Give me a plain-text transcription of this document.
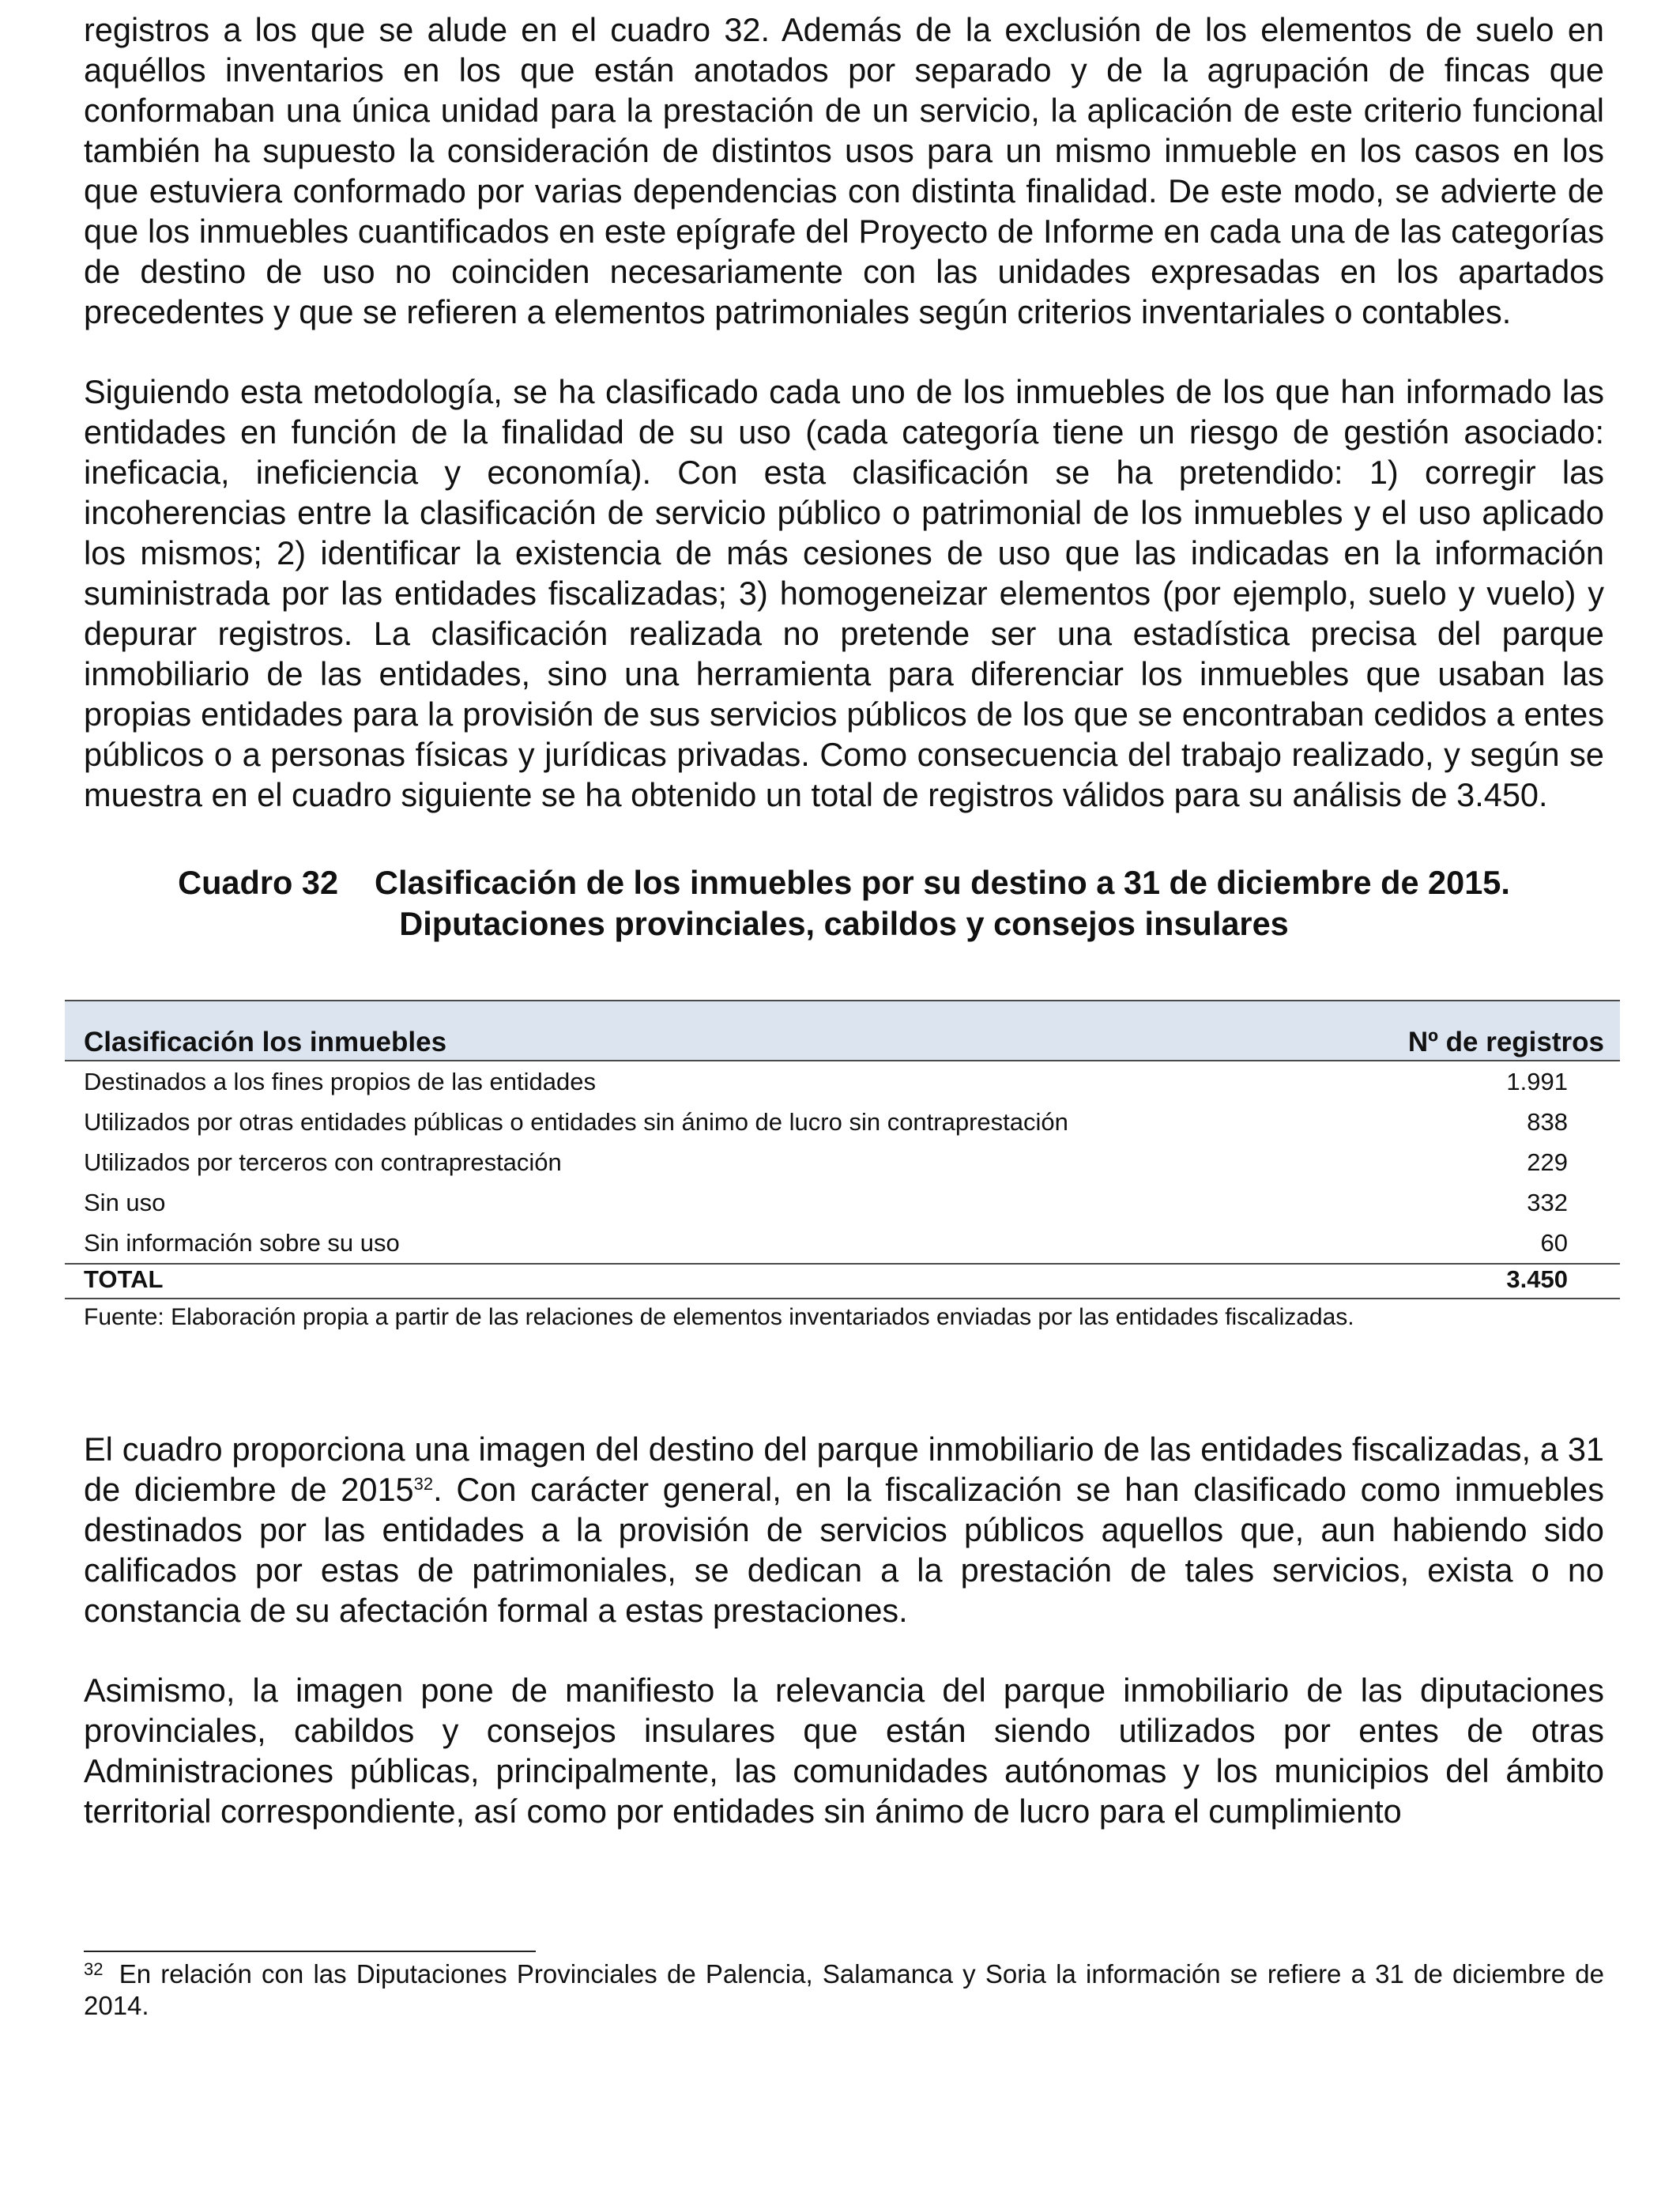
registros a los que se alude en el cuadro 32. Además de la exclusión de los elementos de suelo en aquéllos inventarios en los que están anotados por separado y de la agrupación de fincas que conformaban una única unidad para la prestación de un servicio, la aplicación de este criterio funcional también ha supuesto la consideración de distintos usos para un mismo inmueble en los casos en los que estuviera conformado por varias dependencias con distinta finalidad. De este modo, se advierte de que los inmuebles cuantificados en este epígrafe del Proyecto de Informe en cada una de las categorías de destino de uso no coinciden necesariamente con las unidades expresadas en los apartados precedentes y que se refieren a elementos patrimoniales según criterios inventariales o contables.

Siguiendo esta metodología, se ha clasificado cada uno de los inmuebles de los que han informado las entidades en función de la finalidad de su uso (cada categoría tiene un riesgo de gestión asociado: ineficacia, ineficiencia y economía). Con esta clasificación se ha pretendido: 1) corregir las incoherencias entre la clasificación de servicio público o patrimonial de los inmuebles y el uso aplicado los mismos; 2) identificar la existencia de más cesiones de uso que las indicadas en la información suministrada por las entidades fiscalizadas; 3) homogeneizar elementos (por ejemplo, suelo y vuelo) y depurar registros. La clasificación realizada no pretende ser una estadística precisa del parque inmobiliario de las entidades, sino una herramienta para diferenciar los inmuebles que usaban las propias entidades para la provisión de sus servicios públicos de los que se encontraban cedidos a entes públicos o a personas físicas y jurídicas privadas. Como consecuencia del trabajo realizado, y según se muestra en el cuadro siguiente se ha obtenido un total de registros válidos para su análisis de 3.450.

Cuadro 32 Clasificación de los inmuebles por su destino a 31 de diciembre de 2015.
Diputaciones provinciales, cabildos y consejos insulares
Clasificación los inmuebles	Nº de registros
Destinados a los fines propios de las entidades	1.991
Utilizados por otras entidades públicas o entidades sin ánimo de lucro sin contraprestación	838
Utilizados por terceros con contraprestación	229
Sin uso	332
Sin información sobre su uso	60
TOTAL	3.450
Fuente: Elaboración propia a partir de las relaciones de elementos inventariados enviadas por las entidades fiscalizadas.

El cuadro proporciona una imagen del destino del parque inmobiliario de las entidades fiscalizadas, a 31 de diciembre de 2015$^{32}$. Con carácter general, en la fiscalización se han clasificado como inmuebles destinados por las entidades a la provisión de servicios públicos aquellos que, aun habiendo sido calificados por estas de patrimoniales, se dedican a la prestación de tales servicios, exista o no constancia de su afectación formal a estas prestaciones.

Asimismo, la imagen pone de manifiesto la relevancia del parque inmobiliario de las diputaciones provinciales, cabildos y consejos insulares que están siendo utilizados por entes de otras Administraciones públicas, principalmente, las comunidades autónomas y los municipios del ámbito territorial correspondiente, así como por entidades sin ánimo de lucro para el cumplimiento

$^{32}$ En relación con las Diputaciones Provinciales de Palencia, Salamanca y Soria la información se refiere a 31 de diciembre de 2014.
